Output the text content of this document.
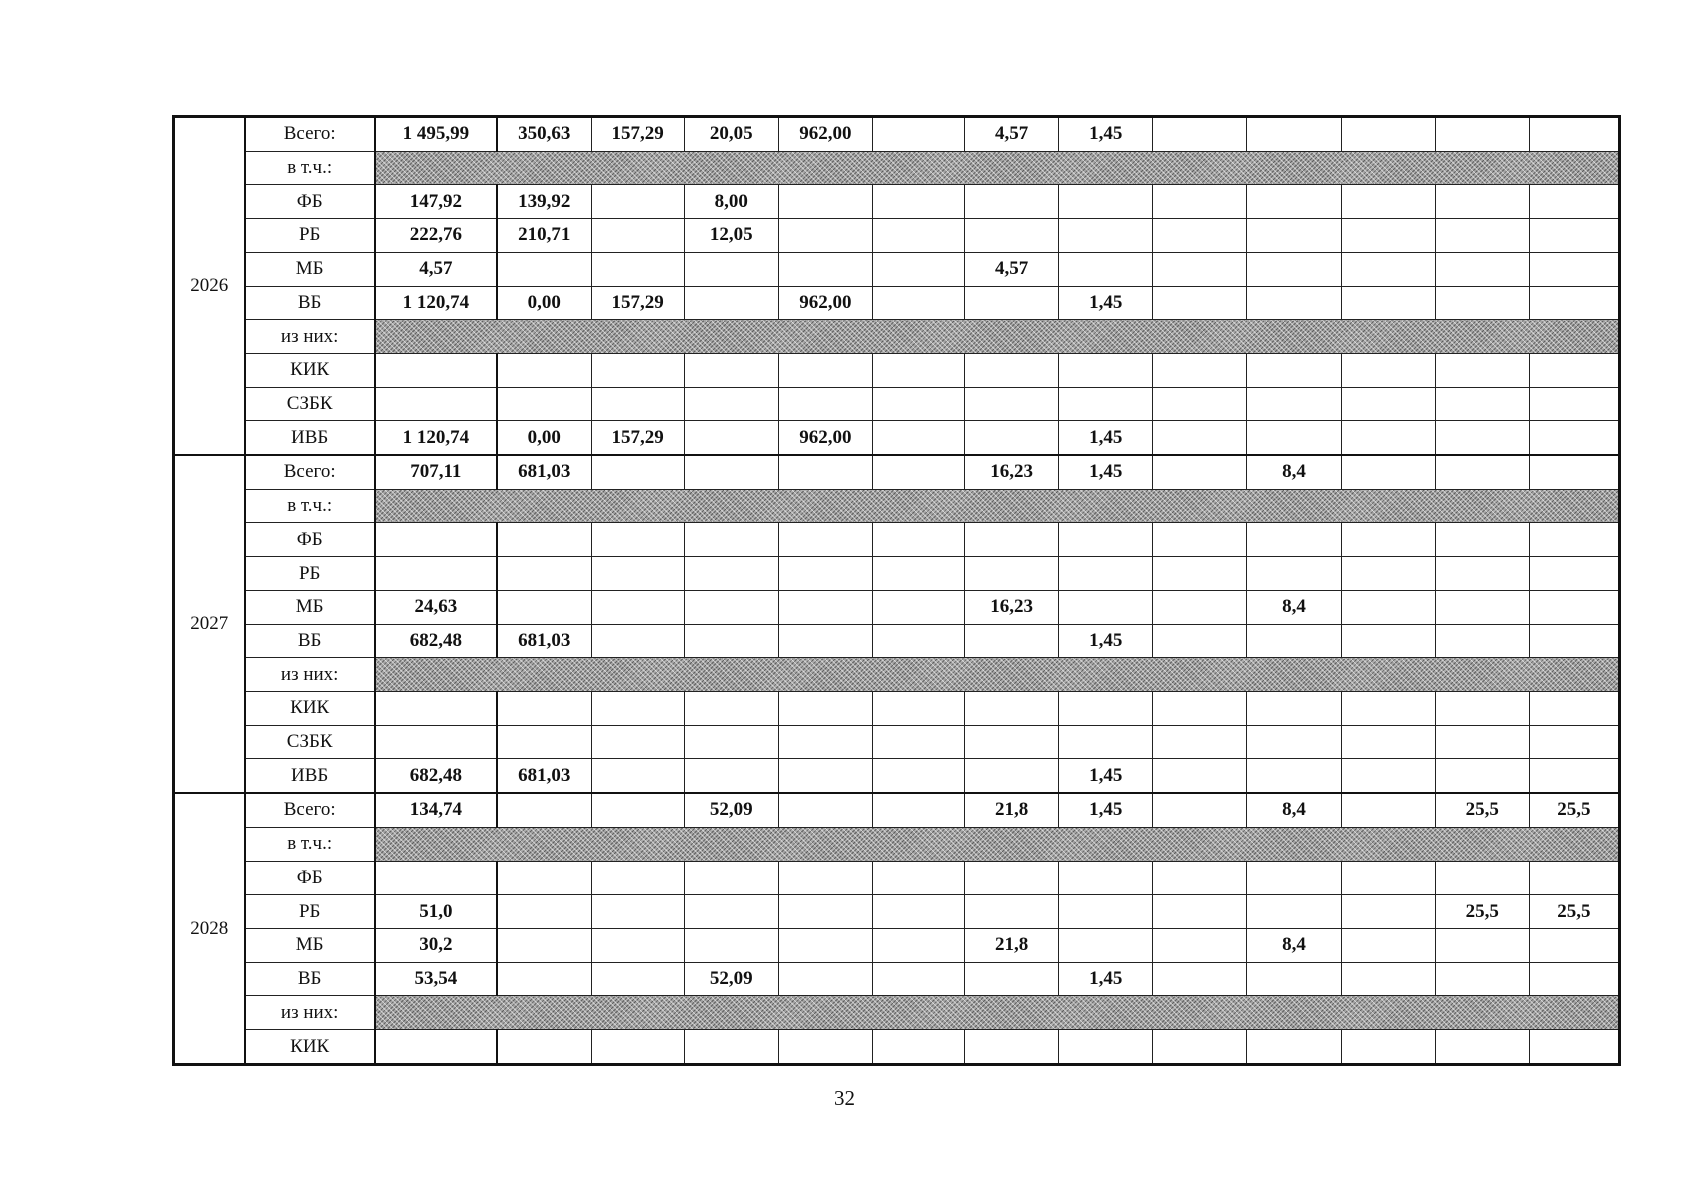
2026	Всего:	1 495,99	350,63	157,29	20,05	962,00		4,57	1,45					
	в т.ч.:													
	ФБ	147,92	139,92		8,00									
	РБ	222,76	210,71		12,05									
	МБ	4,57						4,57						
	ВБ	1 120,74	0,00	157,29		962,00			1,45					
	из них:													
	КИК													
	СЗБК													
	ИВБ	1 120,74	0,00	157,29		962,00			1,45					
2027	Всего:	707,11	681,03					16,23	1,45		8,4			
	в т.ч.:													
	ФБ													
	РБ													
	МБ	24,63						16,23			8,4			
	ВБ	682,48	681,03						1,45					
	из них:													
	КИК													
	СЗБК													
	ИВБ	682,48	681,03						1,45					
2028	Всего:	134,74			52,09			21,8	1,45		8,4		25,5	25,5
	в т.ч.:													
	ФБ													
	РБ	51,0											25,5	25,5
	МБ	30,2						21,8			8,4			
	ВБ	53,54			52,09				1,45					
	из них:													
	КИК													
32
